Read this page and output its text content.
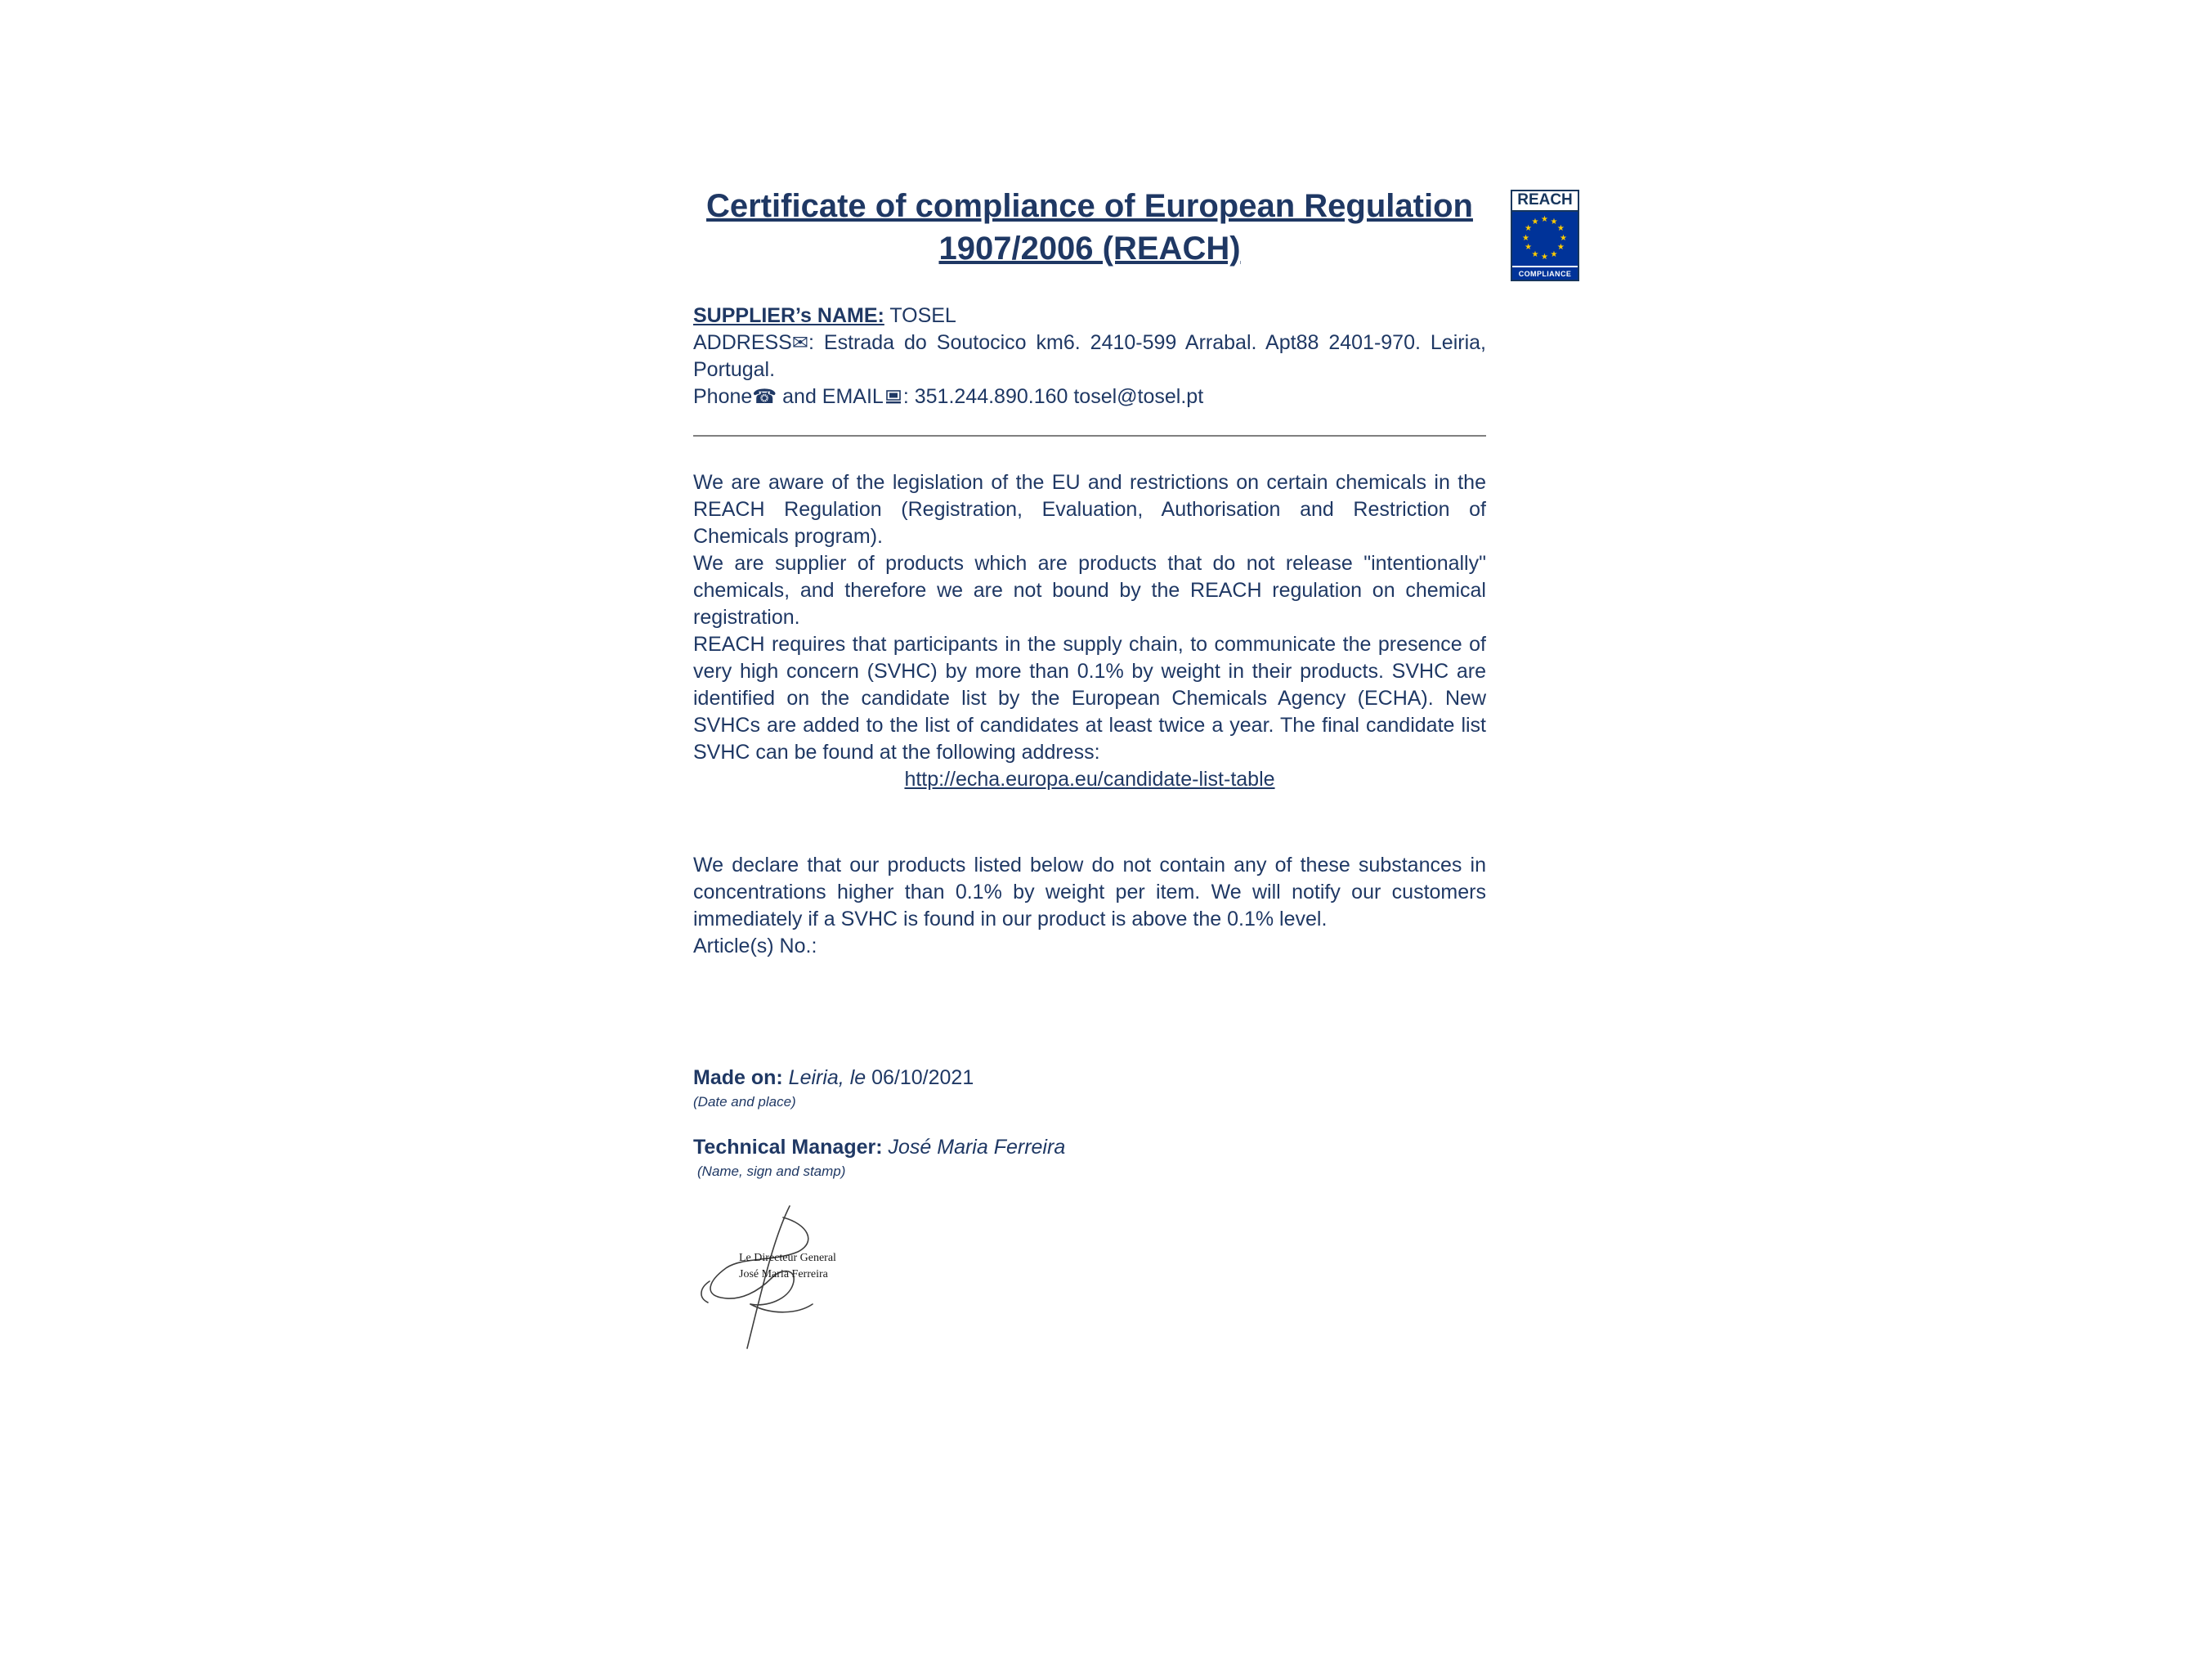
REACH
★ ★
★
★
★
★
★
★
★
★
★
★
COMPLIANCE
Certificate of compliance of European Regulation
1907/2006 (REACH)

SUPPLIER’s NAME: TOSEL

ADDRESS✉: Estrada do Soutocico km6. 2410-599 Arrabal. Apt88 2401-970. Leiria, Portugal.

Phone☎ and EMAIL : 351.244.890.160 tosel@tosel.pt

We are aware of the legislation of the EU and restrictions on certain chemicals in the REACH Regulation (Registration, Evaluation, Authorisation and Restriction of Chemicals program).

We are supplier of products which are products that do not release "intentionally" chemicals, and therefore we are not bound by the REACH regulation on chemical registration.

REACH requires that participants in the supply chain, to communicate the presence of very high concern (SVHC) by more than 0.1% by weight in their products. SVHC are identified on the candidate list by the European Chemicals Agency (ECHA). New SVHCs are added to the list of candidates at least twice a year. The final candidate list SVHC can be found at the following address:

http://echa.europa.eu/candidate-list-table

We declare that our products listed below do not contain any of these substances in concentrations higher than 0.1% by weight per item. We will notify our customers immediately if a SVHC is found in our product is above the 0.1% level.

Article(s) No.:

Made on: Leiria, le 06/10/2021

(Date and place)

Technical Manager: José Maria Ferreira

(Name, sign and stamp)

Le Directeur General
José Maria Ferreira
